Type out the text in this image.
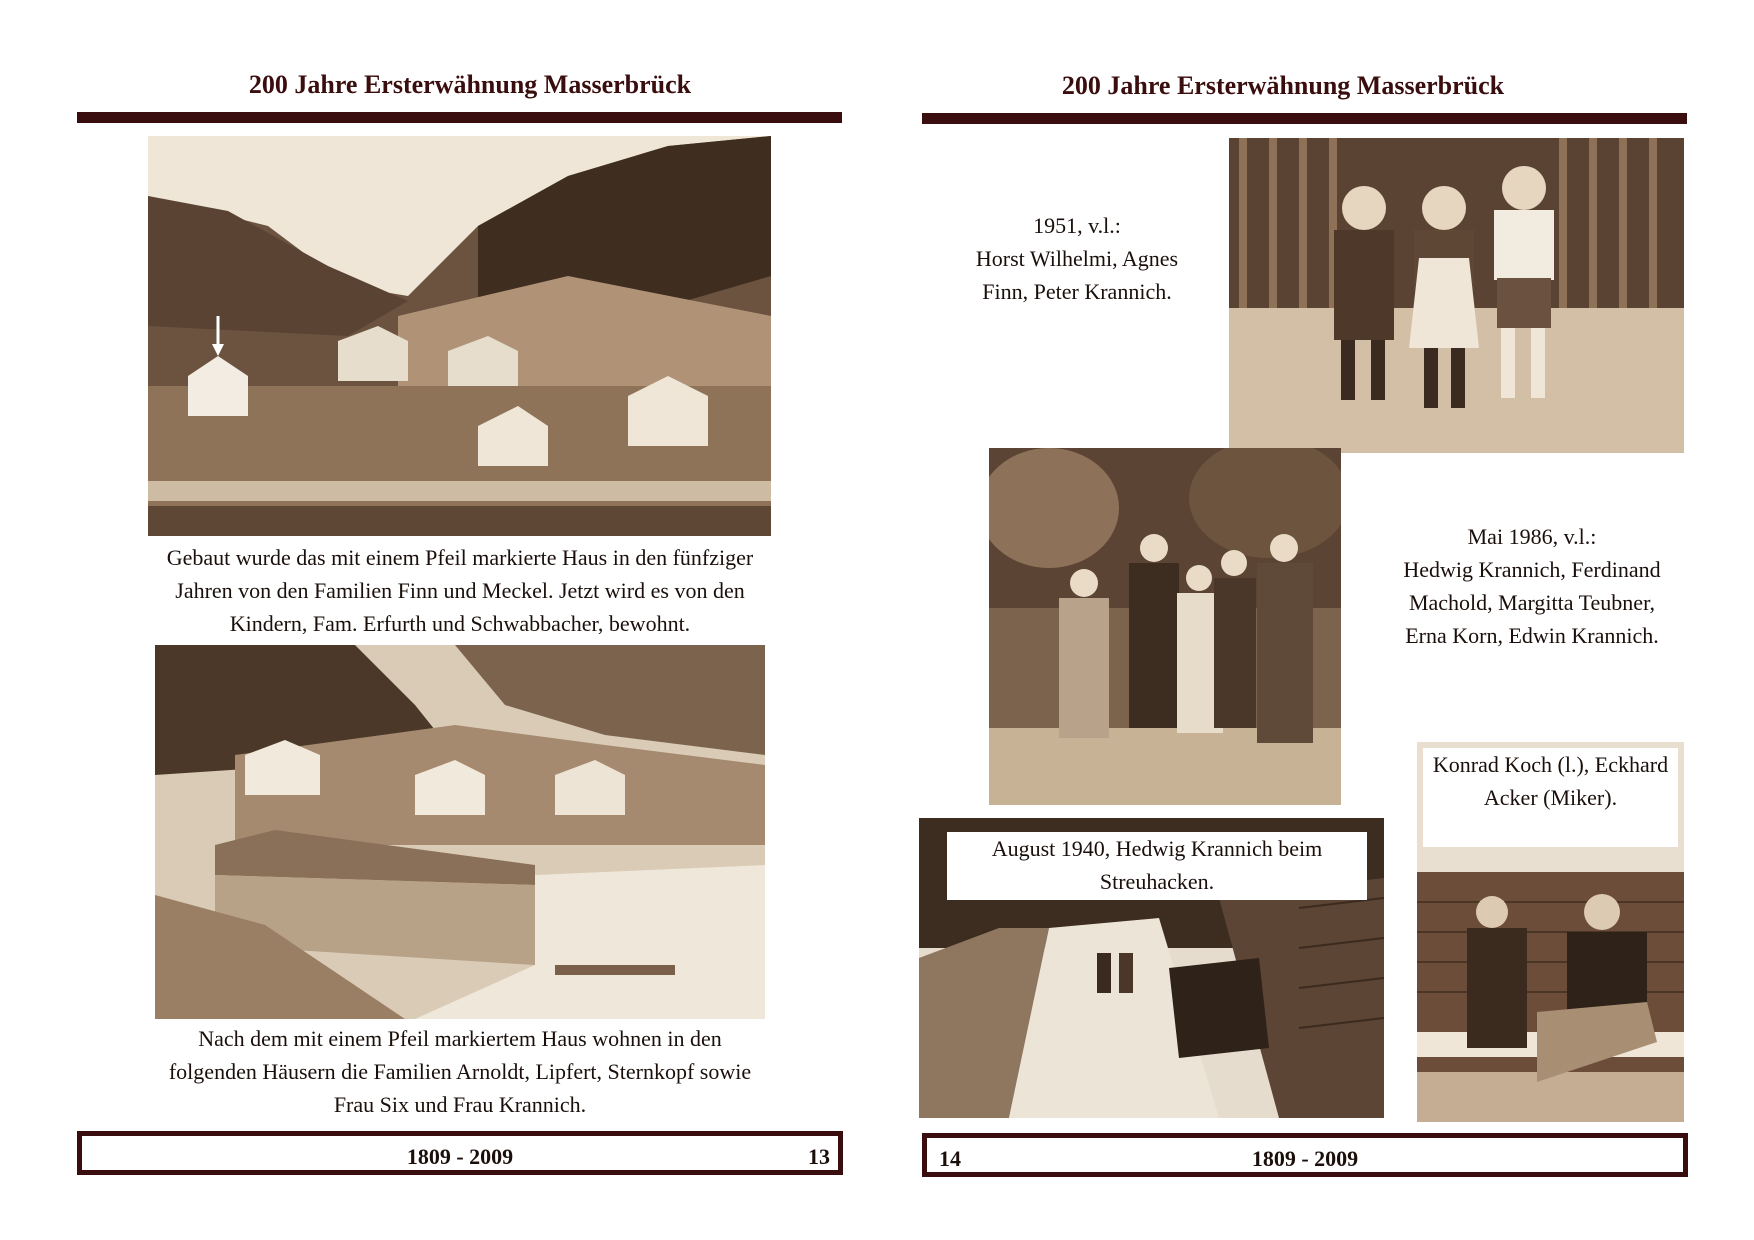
200 Jahre Ersterwähnung Masserbrück
Gebaut wurde das mit einem Pfeil markierte Haus in den fünfziger
Jahren von den Familien Finn und Meckel. Jetzt wird es von den
Kindern, Fam. Erfurth und Schwabbacher, bewohnt.
Nach dem mit einem Pfeil markiertem Haus wohnen in den
folgenden Häusern die Familien Arnoldt, Lipfert, Sternkopf sowie
Frau Six und Frau Krannich.
1809 - 2009	13
200 Jahre Ersterwähnung Masserbrück
1951, v.l.:
Horst Wilhelmi, Agnes
Finn, Peter Krannich.
Mai 1986, v.l.:
Hedwig Krannich, Ferdinand
Machold, Margitta Teubner,
Erna Korn, Edwin Krannich.
August 1940, Hedwig Krannich beim Streuhacken.
Konrad Koch (l.), Eckhard Acker (Miker).
1809 - 2009
14
